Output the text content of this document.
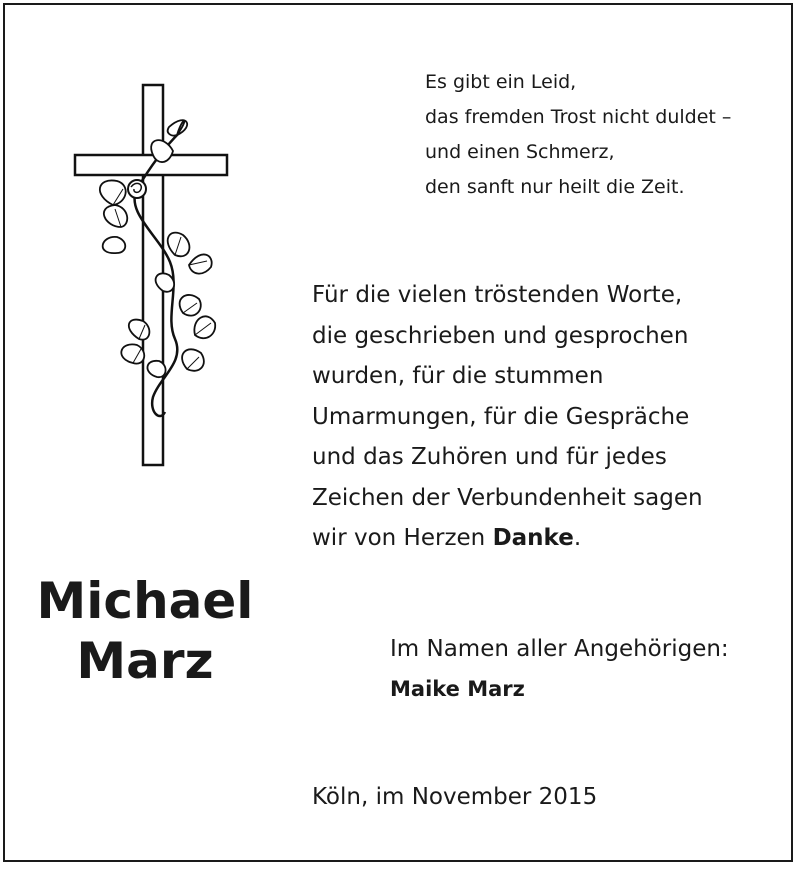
Es gibt ein Leid,
das fremden Trost nicht duldet –
und einen Schmerz,
den sanft nur heilt die Zeit.
Für die vielen tröstenden Worte,
die geschrieben und gesprochen
wurden, für die stummen
Umarmungen, für die Gespräche
und das Zuhören und für jedes
Zeichen der Verbundenheit sagen
wir von Herzen Danke.
Michael
Marz	Im Namen aller Angehörigen:
Maike Marz
Köln, im November 2015
